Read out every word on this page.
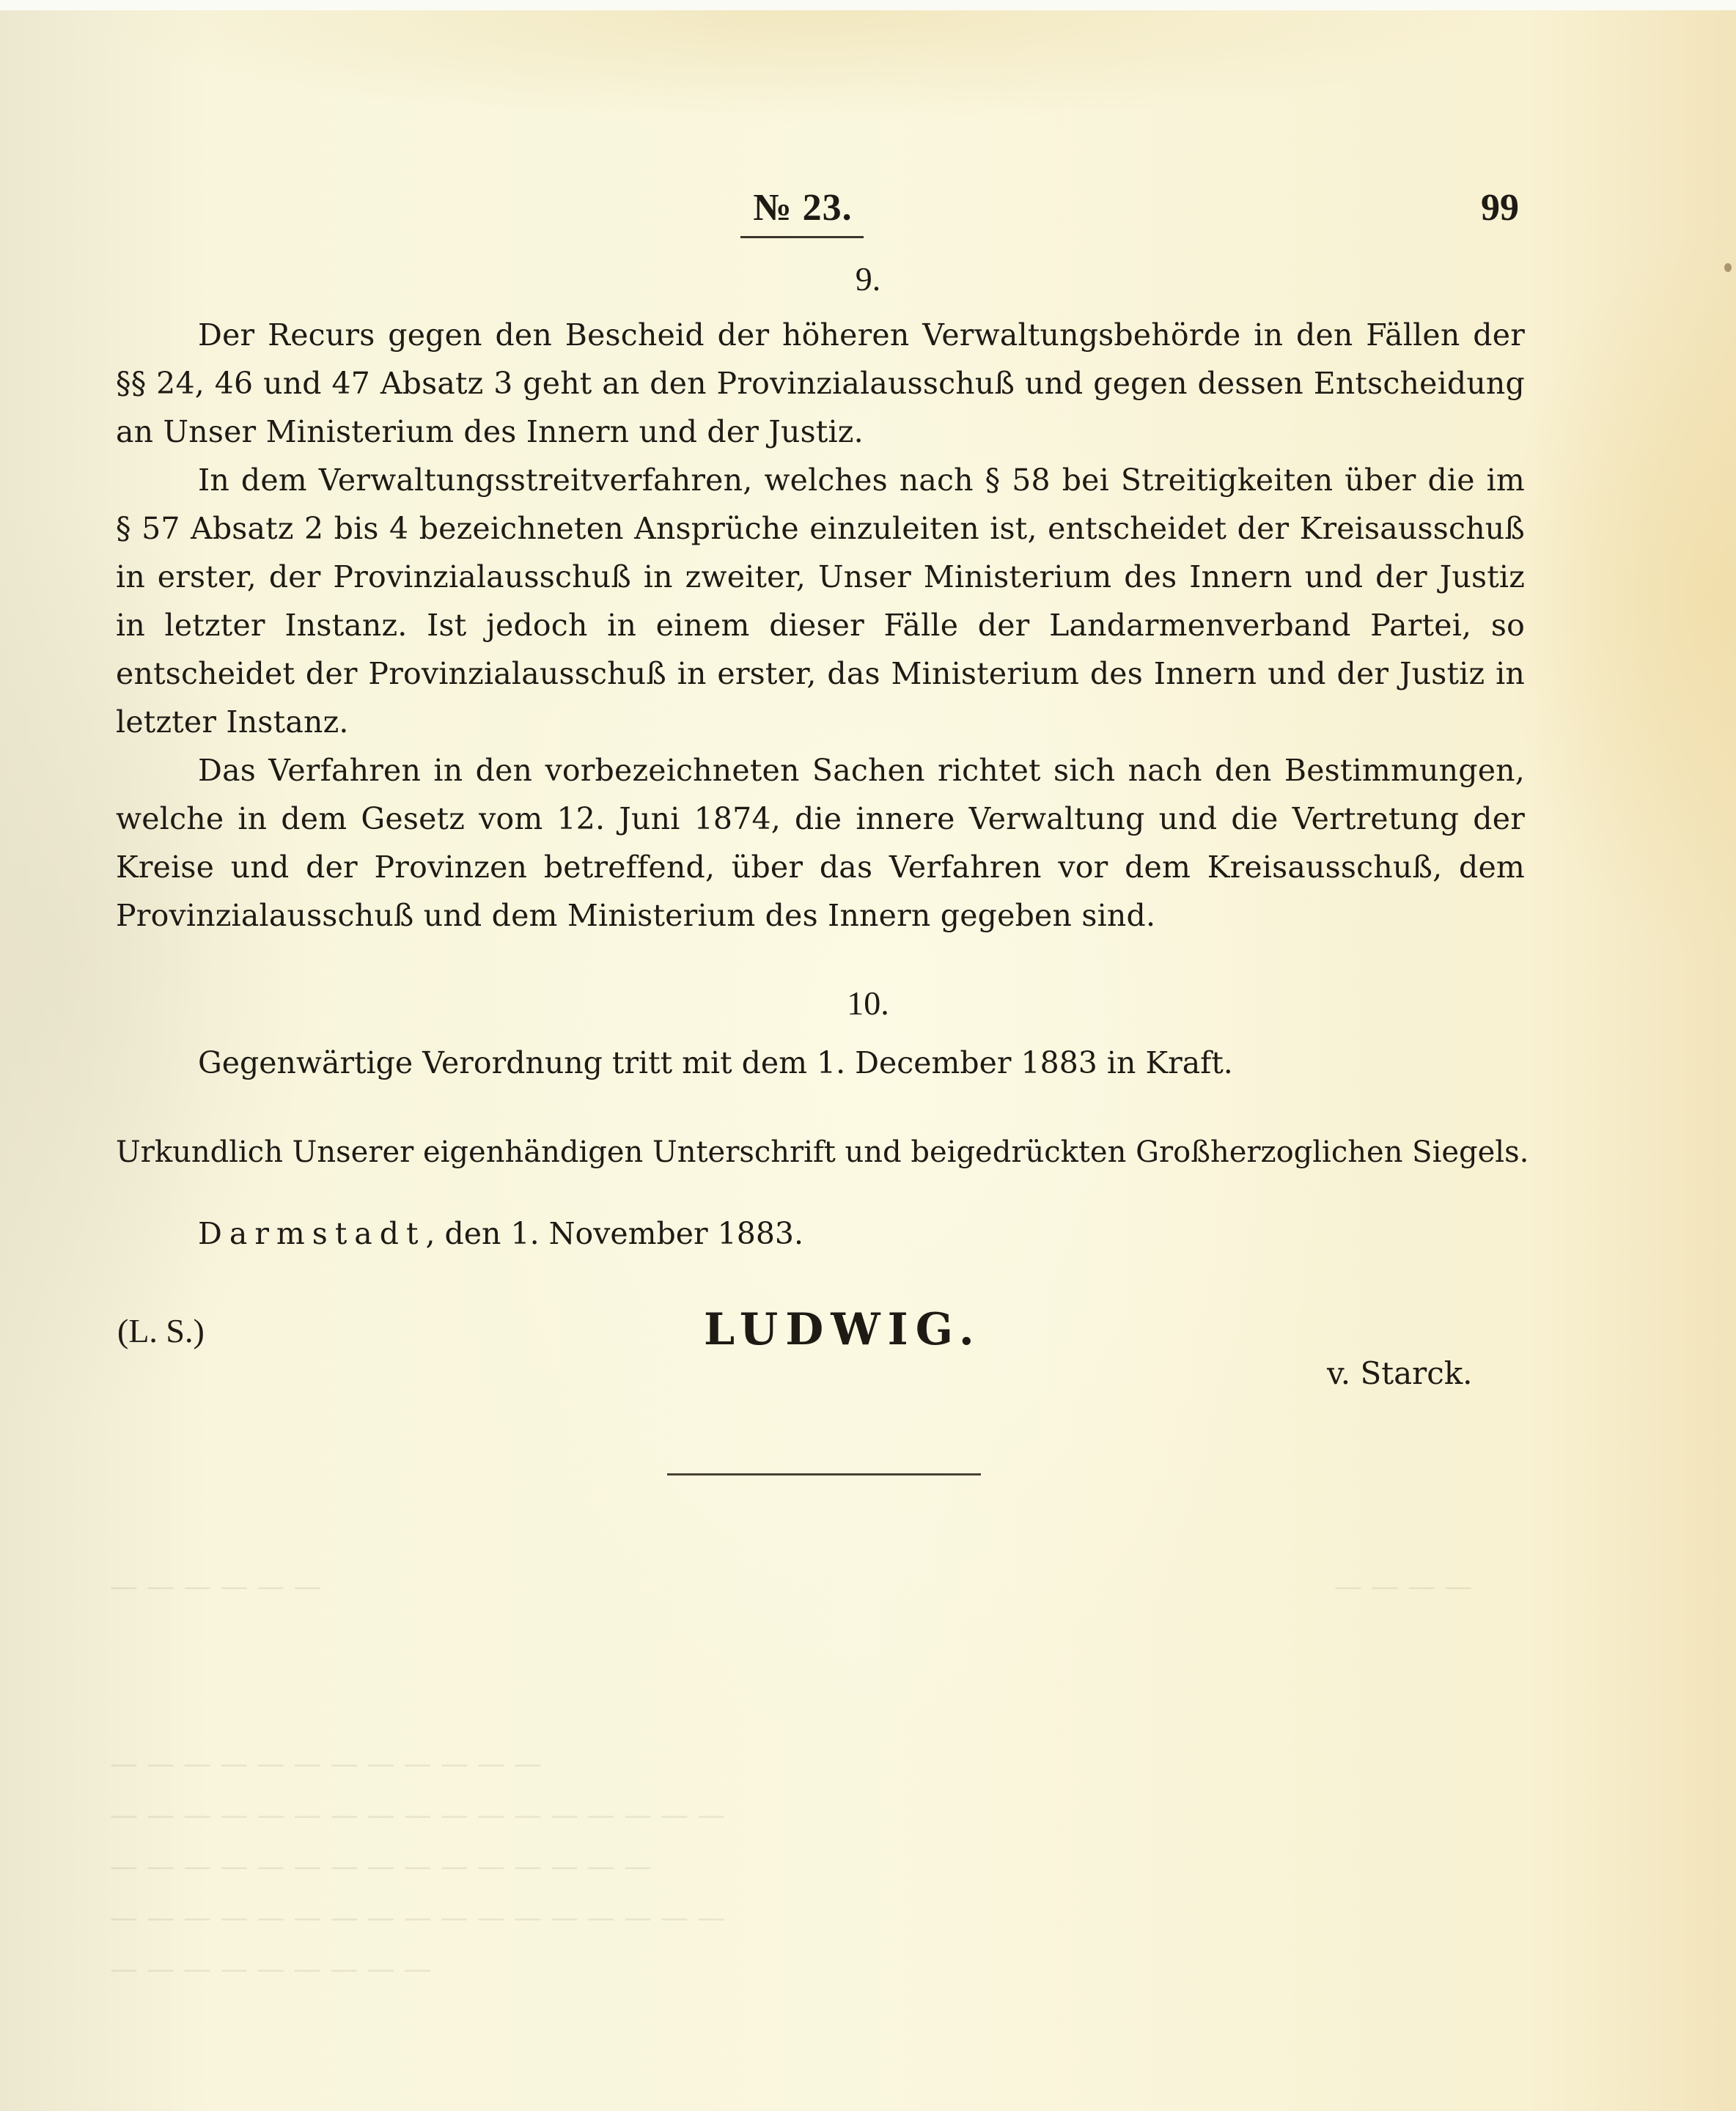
— — — — — —	— — — —
— — — — — — — — — — — —
— — — — — — — — — — — — — — — — —
— — — — — — — — — — — — — — —
— — — — — — — — — — — — — — — — —
— — — — — — — — —
№ 23.	99
9.

Der Recurs gegen den Bescheid der höheren Verwaltungsbehörde in den Fällen der §§ 24, 46 und 47 Absatz 3 geht an den Provinzialausschuß und gegen dessen Entscheidung an Unser Ministerium des Innern und der Justiz.

In dem Verwaltungsstreitverfahren, welches nach § 58 bei Streitigkeiten über die im § 57 Absatz 2 bis 4 bezeichneten Ansprüche einzuleiten ist, entscheidet der Kreisausschuß in erster, der Provinzialausschuß in zweiter, Unser Ministerium des Innern und der Justiz in letzter Instanz. Ist jedoch in einem dieser Fälle der Landarmenverband Partei, so entscheidet der Provinzialausschuß in erster, das Ministerium des Innern und der Justiz in letzter Instanz.

Das Verfahren in den vorbezeichneten Sachen richtet sich nach den Bestimmungen, welche in dem Gesetz vom 12. Juni 1874, die innere Verwaltung und die Vertretung der Kreise und der Provinzen betreffend, über das Verfahren vor dem Kreisausschuß, dem Provinzialausschuß und dem Ministerium des Innern gegeben sind.

10.
Gegenwärtige Verordnung tritt mit dem 1. December 1883 in Kraft.
Urkundlich Unserer eigenhändigen Unterschrift und beigedrückten Großherzoglichen Siegels.
Darmstadt, den 1. November 1883.
(L. S.)	LUDWIG.
v. Starck.
